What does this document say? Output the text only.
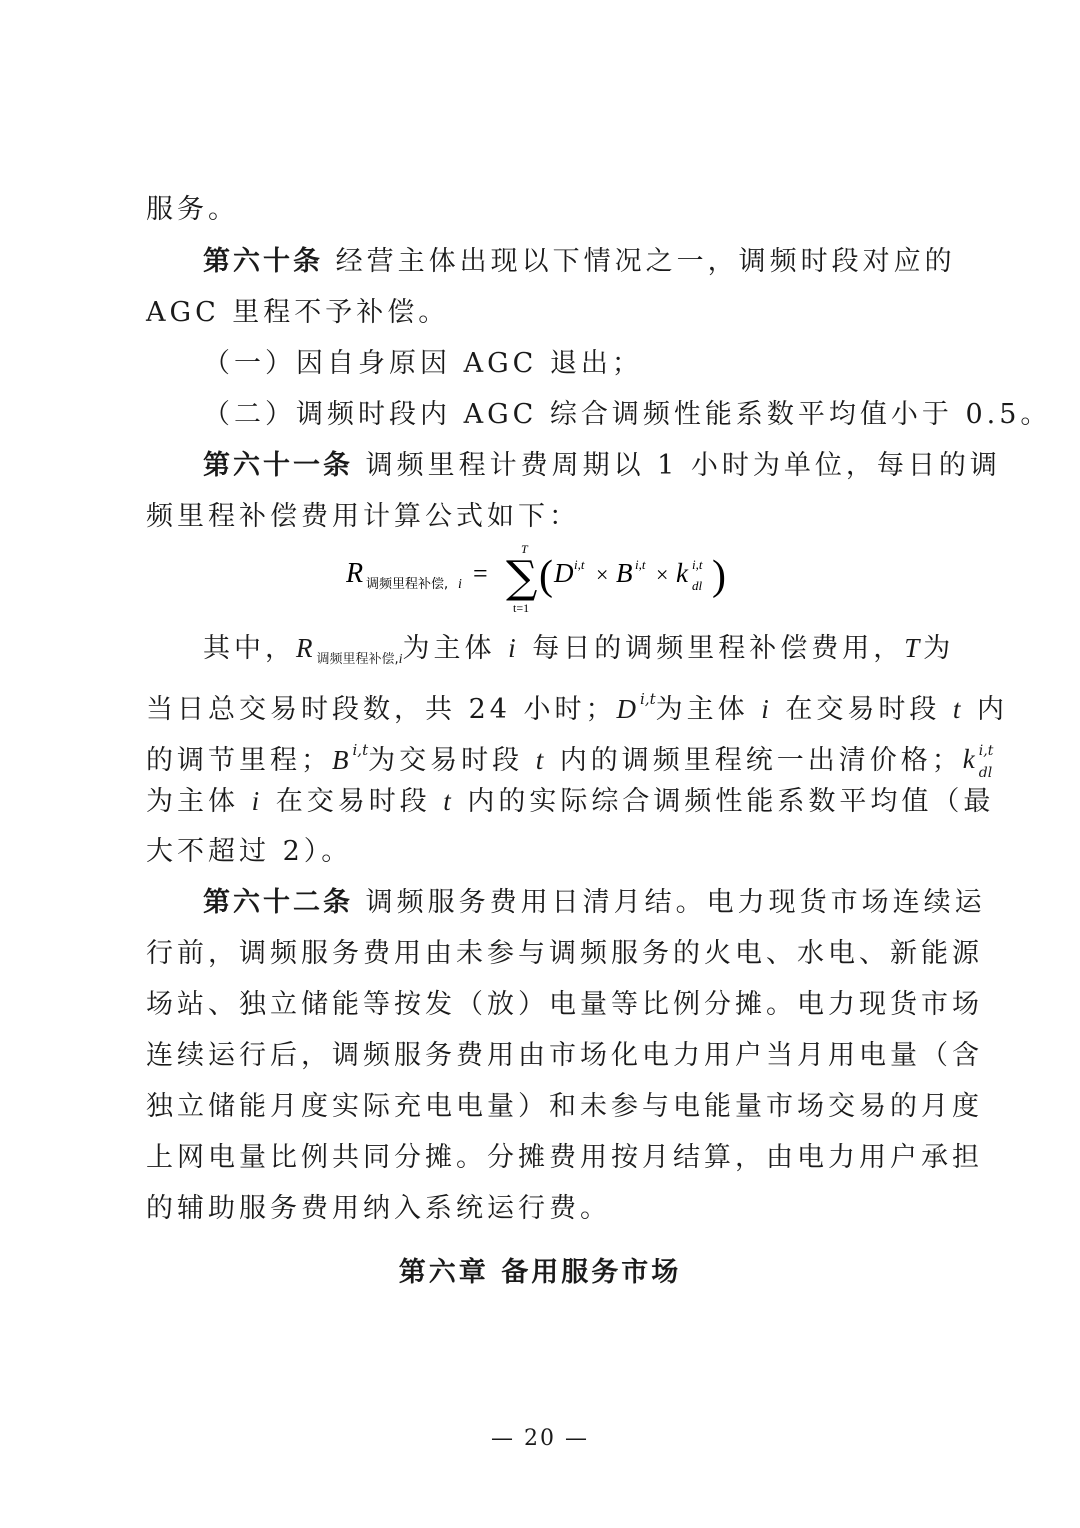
服务。
第六十条 经营主体出现以下情况之一，调频时段对应的
AGC 里程不予补偿。
（一）因自身原因 AGC 退出；
（二）调频时段内 AGC 综合调频性能系数平均值小于 0.5。
第六十一条 调频里程计费周期以 1 小时为单位，每日的调
频里程补偿费用计算公式如下：
R 调频里程补偿, i =
T
∑
t=1
( D i,t × B i,t × k i,t
dl )
其中，$R_{调频里程补偿,i}$为主体 i 每日的调频里程补偿费用，T为
当日总交易时段数，共 24 小时；D$^{i,t}$为主体 i 在交易时段 t 内
的调节里程；B$^{i,t}$为交易时段 t 内的调频里程统一出清价格； k i,t
dl
为主体 i 在交易时段 t 内的实际综合调频性能系数平均值（最
大不超过 2）。
第六十二条 调频服务费用日清月结。电力现货市场连续运
行前，调频服务费用由未参与调频服务的火电、水电、新能源
场站、独立储能等按发（放）电量等比例分摊。电力现货市场
连续运行后，调频服务费用由市场化电力用户当月用电量（含
独立储能月度实际充电电量）和未参与电能量市场交易的月度
上网电量比例共同分摊。分摊费用按月结算，由电力用户承担
的辅助服务费用纳入系统运行费。
第六章 备用服务市场
— 20 —
